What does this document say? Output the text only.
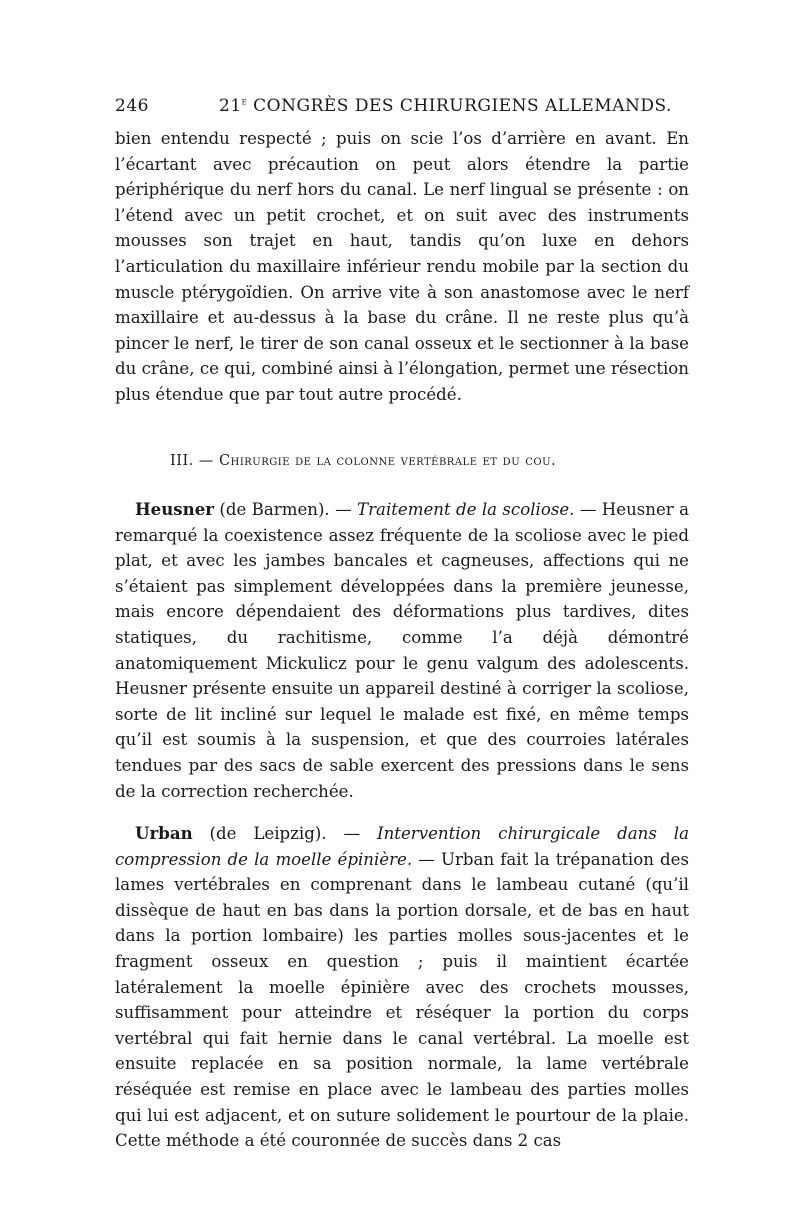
246	21e CONGRÈS DES CHIRURGIENS ALLEMANDS.

bien entendu respecté ; puis on scie l’os d’arrière en avant. En l’écartant avec précaution on peut alors étendre la partie périphérique du nerf hors du canal. Le nerf lingual se présente : on l’étend avec un petit crochet, et on suit avec des instruments mousses son trajet en haut, tandis qu’on luxe en dehors l’articulation du maxillaire inférieur rendu mobile par la section du muscle ptérygoïdien. On arrive vite à son anastomose avec le nerf maxillaire et au-dessus à la base du crâne. Il ne reste plus qu’à pincer le nerf, le tirer de son canal osseux et le sectionner à la base du crâne, ce qui, combiné ainsi à l’élongation, permet une résection plus étendue que par tout autre procédé.

III. — Chirurgie de la colonne vertébrale et du cou.

Heusner (de Barmen). — Traitement de la scoliose. — Heusner a remarqué la coexistence assez fréquente de la scoliose avec le pied plat, et avec les jambes bancales et cagneuses, affections qui ne s’étaient pas simplement développées dans la première jeunesse, mais encore dépendaient des déformations plus tardives, dites statiques, du rachitisme, comme l’a déjà démontré anatomiquement Mickulicz pour le genu valgum des adolescents. Heusner présente ensuite un appareil destiné à corriger la scoliose, sorte de lit incliné sur lequel le malade est fixé, en même temps qu’il est soumis à la suspension, et que des courroies latérales tendues par des sacs de sable exercent des pressions dans le sens de la correction recherchée.

Urban (de Leipzig). — Intervention chirurgicale dans la compression de la moelle épinière. — Urban fait la trépanation des lames vertébrales en comprenant dans le lambeau cutané (qu’il dissèque de haut en bas dans la portion dorsale, et de bas en haut dans la portion lombaire) les parties molles sous-jacentes et le fragment osseux en question ; puis il maintient écartée latéralement la moelle épinière avec des crochets mousses, suffisamment pour atteindre et réséquer la portion du corps vertébral qui fait hernie dans le canal vertébral. La moelle est ensuite replacée en sa position normale, la lame vertébrale réséquée est remise en place avec le lambeau des parties molles qui lui est adjacent, et on suture solidement le pourtour de la plaie. Cette méthode a été couronnée de succès dans 2 cas
